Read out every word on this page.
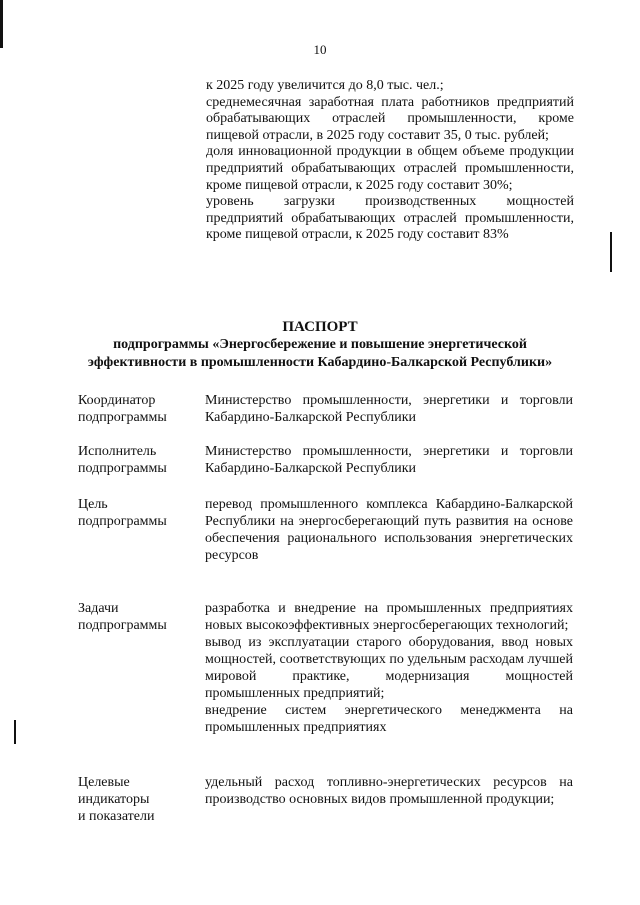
10

к 2025 году увеличится до 8,0 тыс. чел.;

среднемесячная заработная плата работников предприятий обрабатывающих отраслей промышленности, кроме пищевой отрасли, в 2025 году составит 35, 0 тыс. рублей;

доля инновационной продукции в общем объеме продукции предприятий обрабатывающих отраслей промышленности, кроме пищевой отрасли, к 2025 году составит 30%;

уровень загрузки производственных мощностей предприятий обрабатывающих отраслей промышленности, кроме пищевой отрасли, к 2025 году составит 83%

ПАСПОРТ
подпрограммы «Энергосбережение и повышение энергетической
эффективности в промышленности Кабардино-Балкарской Республики»
Координатор
подпрограммы

Министерство промышленности, энергетики и торговли Кабардино-Балкарской Республики

Исполнитель
подпрограммы

Министерство промышленности, энергетики и торговли Кабардино-Балкарской Республики

Цель
подпрограммы

перевод промышленного комплекса Кабардино-Балкарской Республики на энергосберегающий путь развития на основе обеспечения рационального использования энергетических ресурсов

Задачи
подпрограммы

разработка и внедрение на промышленных предприятиях новых высокоэффективных энергосберегающих технологий;

вывод из эксплуатации старого оборудования, ввод новых мощностей, соответствующих по удельным расходам лучшей мировой практике, модернизация мощностей промышленных предприятий;

внедрение систем энергетического менеджмента на промышленных предприятиях

Целевые
индикаторы
и показатели

удельный расход топливно-энергетических ресурсов на производство основных видов промышленной продукции;
